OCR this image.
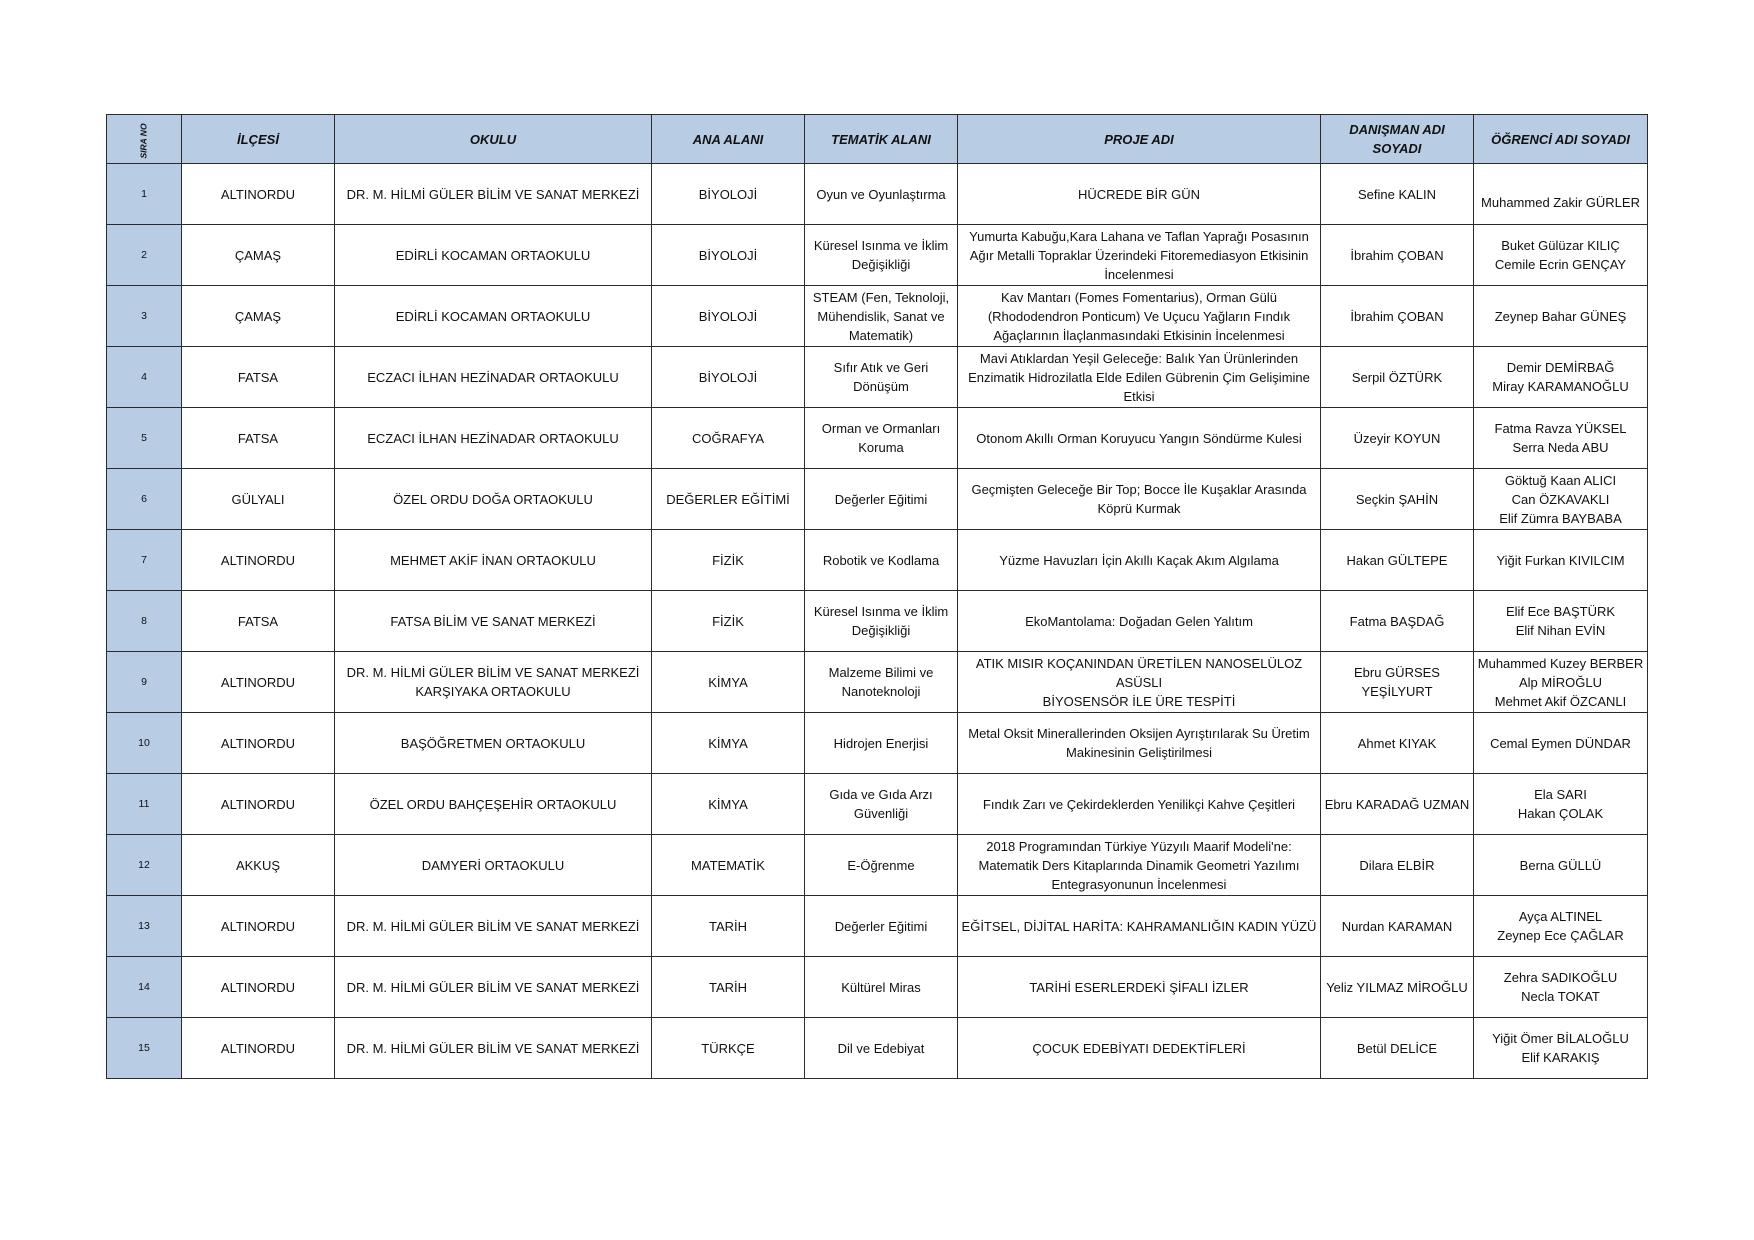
SIRA NO	İLÇESİ	OKULU	ANA ALANI	TEMATİK ALANI	PROJE ADI	DANIŞMAN ADI SOYADI	ÖĞRENCİ ADI SOYADI
1	ALTINORDU	DR. M. HİLMİ GÜLER BİLİM VE SANAT MERKEZİ	BİYOLOJİ	Oyun ve Oyunlaştırma	HÜCREDE BİR GÜN	Sefine KALIN	Muhammed Zakir GÜRLER
2	ÇAMAŞ	EDİRLİ KOCAMAN ORTAOKULU	BİYOLOJİ	Küresel Isınma ve İklim
Değişikliği	Yumurta Kabuğu,Kara Lahana ve Taflan Yaprağı Posasının
Ağır Metalli Topraklar Üzerindeki Fitoremediasyon Etkisinin
İncelenmesi	İbrahim ÇOBAN	Buket Gülüzar KILIÇ
Cemile Ecrin GENÇAY
3	ÇAMAŞ	EDİRLİ KOCAMAN ORTAOKULU	BİYOLOJİ	STEAM (Fen, Teknoloji,
Mühendislik, Sanat ve
Matematik)	Kav Mantarı (Fomes Fomentarius), Orman Gülü
(Rhododendron Ponticum) Ve Uçucu Yağların Fındık
Ağaçlarının İlaçlanmasındaki Etkisinin İncelenmesi	İbrahim ÇOBAN	Zeynep Bahar GÜNEŞ
4	FATSA	ECZACI İLHAN HEZİNADAR ORTAOKULU	BİYOLOJİ	Sıfır Atık ve Geri
Dönüşüm	Mavi Atıklardan Yeşil Geleceğe: Balık Yan Ürünlerinden
Enzimatik Hidrozilatla Elde Edilen Gübrenin Çim Gelişimine
Etkisi	Serpil ÖZTÜRK	Demir DEMİRBAĞ
Miray KARAMANOĞLU
5	FATSA	ECZACI İLHAN HEZİNADAR ORTAOKULU	COĞRAFYA	Orman ve Ormanları
Koruma	Otonom Akıllı Orman Koruyucu Yangın Söndürme Kulesi	Üzeyir KOYUN	Fatma Ravza YÜKSEL
Serra Neda ABU
6	GÜLYALI	ÖZEL ORDU DOĞA ORTAOKULU	DEĞERLER EĞİTİMİ	Değerler Eğitimi	Geçmişten Geleceğe Bir Top; Bocce İle Kuşaklar Arasında
Köprü Kurmak	Seçkin ŞAHİN	Göktuğ Kaan ALICI
Can ÖZKAVAKLI
Elif Zümra BAYBABA
7	ALTINORDU	MEHMET AKİF İNAN ORTAOKULU	FİZİK	Robotik ve Kodlama	Yüzme Havuzları İçin Akıllı Kaçak Akım Algılama	Hakan GÜLTEPE	Yiğit Furkan KIVILCIM
8	FATSA	FATSA BİLİM VE SANAT MERKEZİ	FİZİK	Küresel Isınma ve İklim
Değişikliği	EkoMantolama: Doğadan Gelen Yalıtım	Fatma BAŞDAĞ	Elif Ece BAŞTÜRK
Elif Nihan EVİN
9	ALTINORDU	DR. M. HİLMİ GÜLER BİLİM VE SANAT MERKEZİ
KARŞIYAKA ORTAOKULU	KİMYA	Malzeme Bilimi ve
Nanoteknoloji	ATIK MISIR KOÇANINDAN ÜRETİLEN NANOSELÜLOZ ASÜSLI
BİYOSENSÖR İLE ÜRE TESPİTİ	Ebru GÜRSES YEŞİLYURT	Muhammed Kuzey BERBER
Alp MİROĞLU
Mehmet Akif ÖZCANLI
10	ALTINORDU	BAŞÖĞRETMEN ORTAOKULU	KİMYA	Hidrojen Enerjisi	Metal Oksit Minerallerinden Oksijen Ayrıştırılarak Su Üretim
Makinesinin Geliştirilmesi	Ahmet KIYAK	Cemal Eymen DÜNDAR
11	ALTINORDU	ÖZEL ORDU BAHÇEŞEHİR ORTAOKULU	KİMYA	Gıda ve Gıda Arzı
Güvenliği	Fındık Zarı ve Çekirdeklerden Yenilikçi Kahve Çeşitleri	Ebru KARADAĞ UZMAN	Ela SARI
Hakan ÇOLAK
12	AKKUŞ	DAMYERİ ORTAOKULU	MATEMATİK	E-Öğrenme	2018 Programından Türkiye Yüzyılı Maarif Modeli'ne:
Matematik Ders Kitaplarında Dinamik Geometri Yazılımı
Entegrasyonunun İncelenmesi	Dilara ELBİR	Berna GÜLLÜ
13	ALTINORDU	DR. M. HİLMİ GÜLER BİLİM VE SANAT MERKEZİ	TARİH	Değerler Eğitimi	EĞİTSEL, DİJİTAL HARİTA: KAHRAMANLIĞIN KADIN YÜZÜ	Nurdan KARAMAN	Ayça ALTINEL
Zeynep Ece ÇAĞLAR
14	ALTINORDU	DR. M. HİLMİ GÜLER BİLİM VE SANAT MERKEZİ	TARİH	Kültürel Miras	TARİHİ ESERLERDEKİ ŞİFALI İZLER	Yeliz YILMAZ MİROĞLU	Zehra SADIKOĞLU
Necla TOKAT
15	ALTINORDU	DR. M. HİLMİ GÜLER BİLİM VE SANAT MERKEZİ	TÜRKÇE	Dil ve Edebiyat	ÇOCUK EDEBİYATI DEDEKTİFLERİ	Betül DELİCE	Yiğit Ömer BİLALOĞLU
Elif KARAKIŞ
